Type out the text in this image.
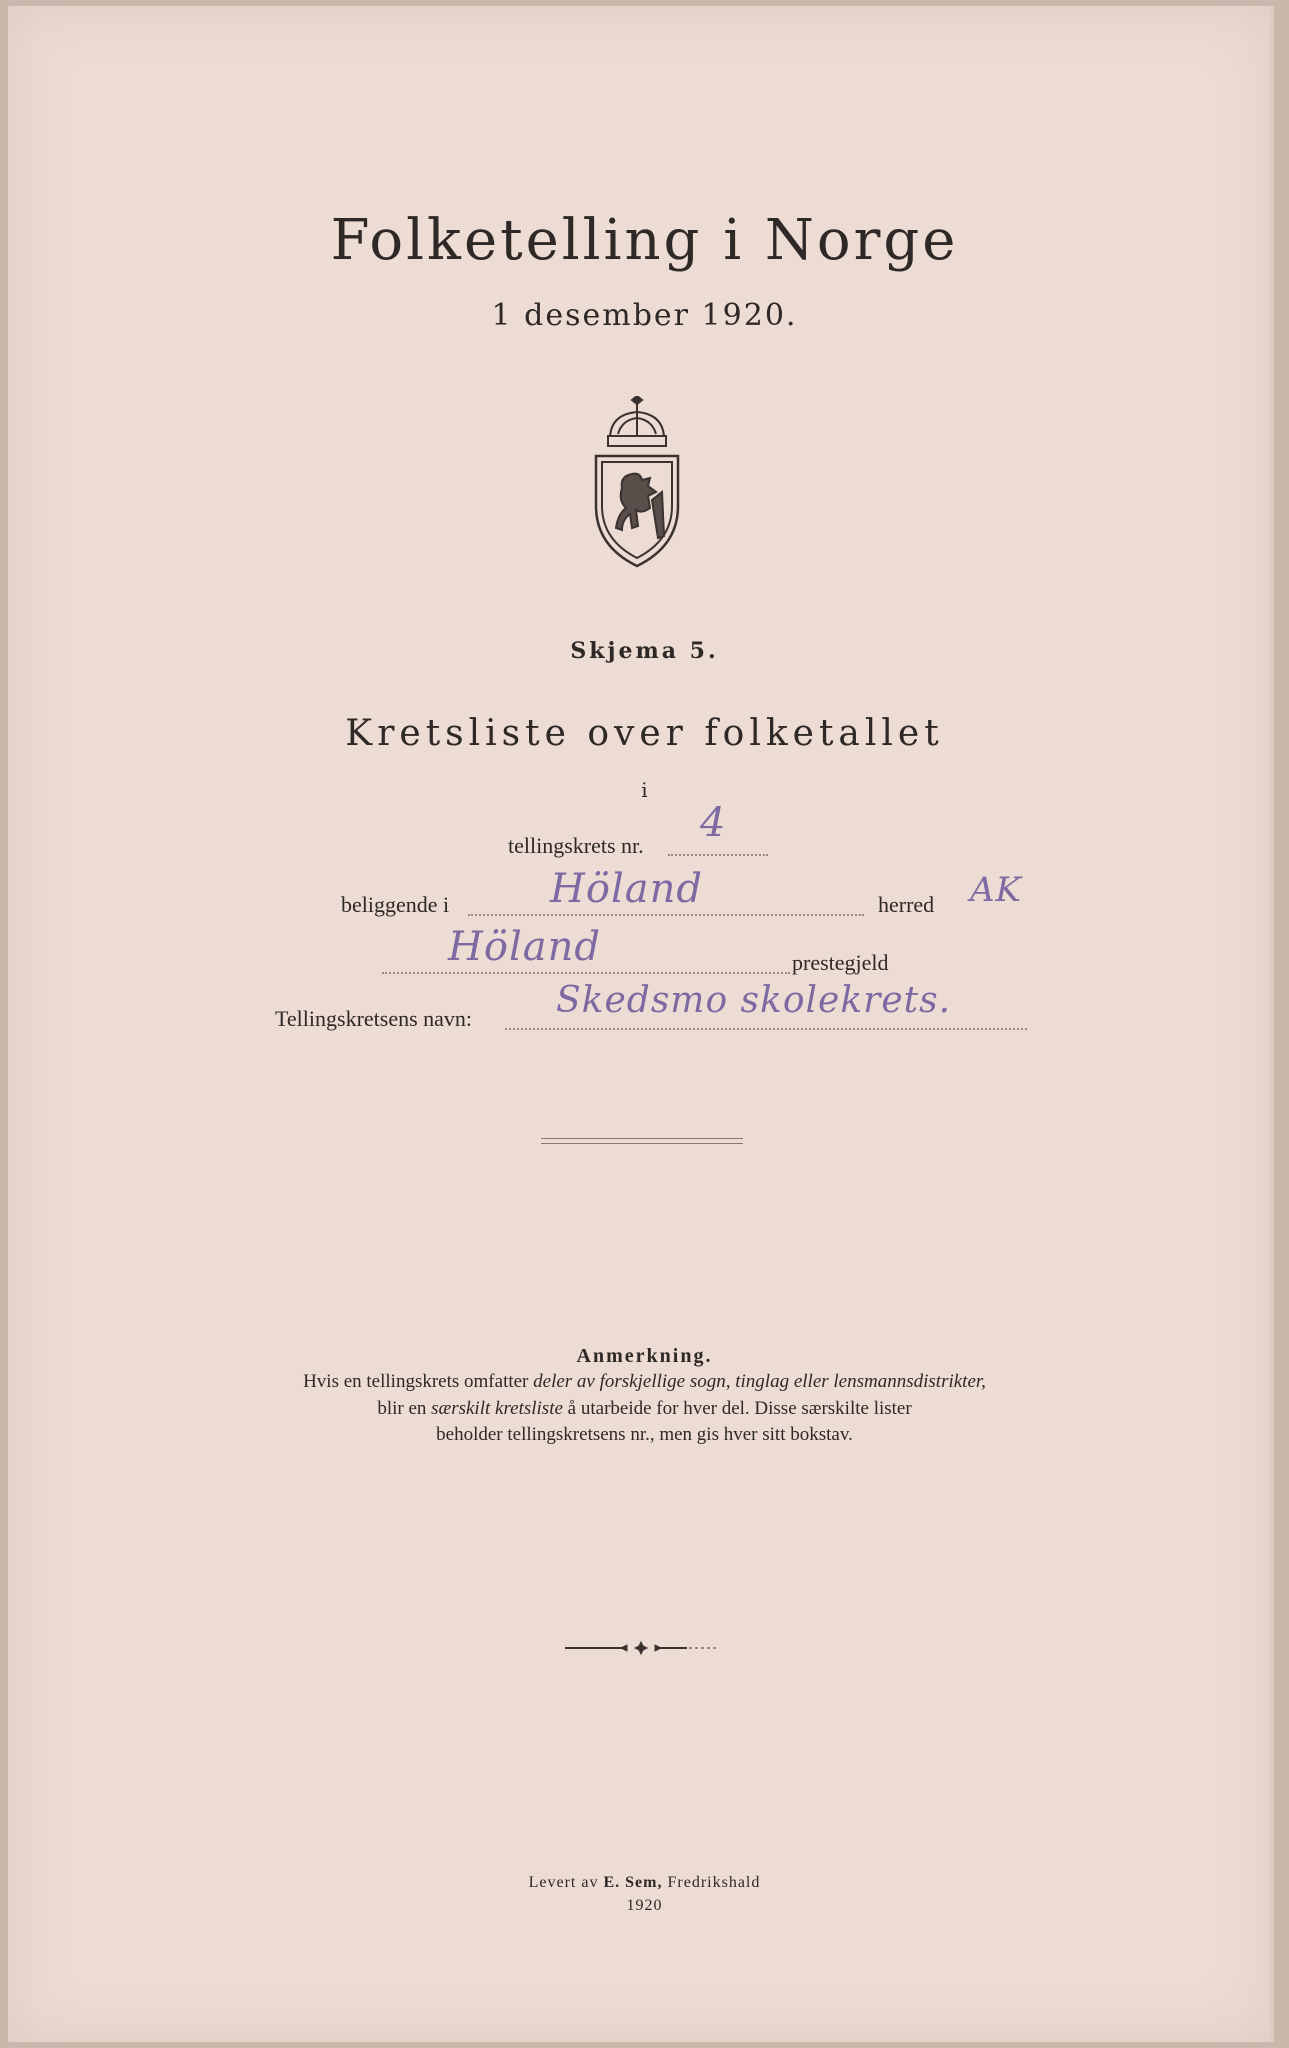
Folketelling i Norge
1 desember 1920.
Skjema 5.
Kretsliste over folketallet
i
tellingskrets nr. 4
beliggende i	Höland	herred AK
Höland	prestegjeld
Tellingskretsens navn: Skedsmo skolekrets.
Anmerkning.
Hvis en tellingskrets omfatter deler av forskjellige sogn, tinglag eller lensmannsdistrikter,
blir en særskilt kretsliste å utarbeide for hver del. Disse særskilte lister
beholder tellingskretsens nr., men gis hver sitt bokstav.
Levert av E. Sem, Fredrikshald
1920
